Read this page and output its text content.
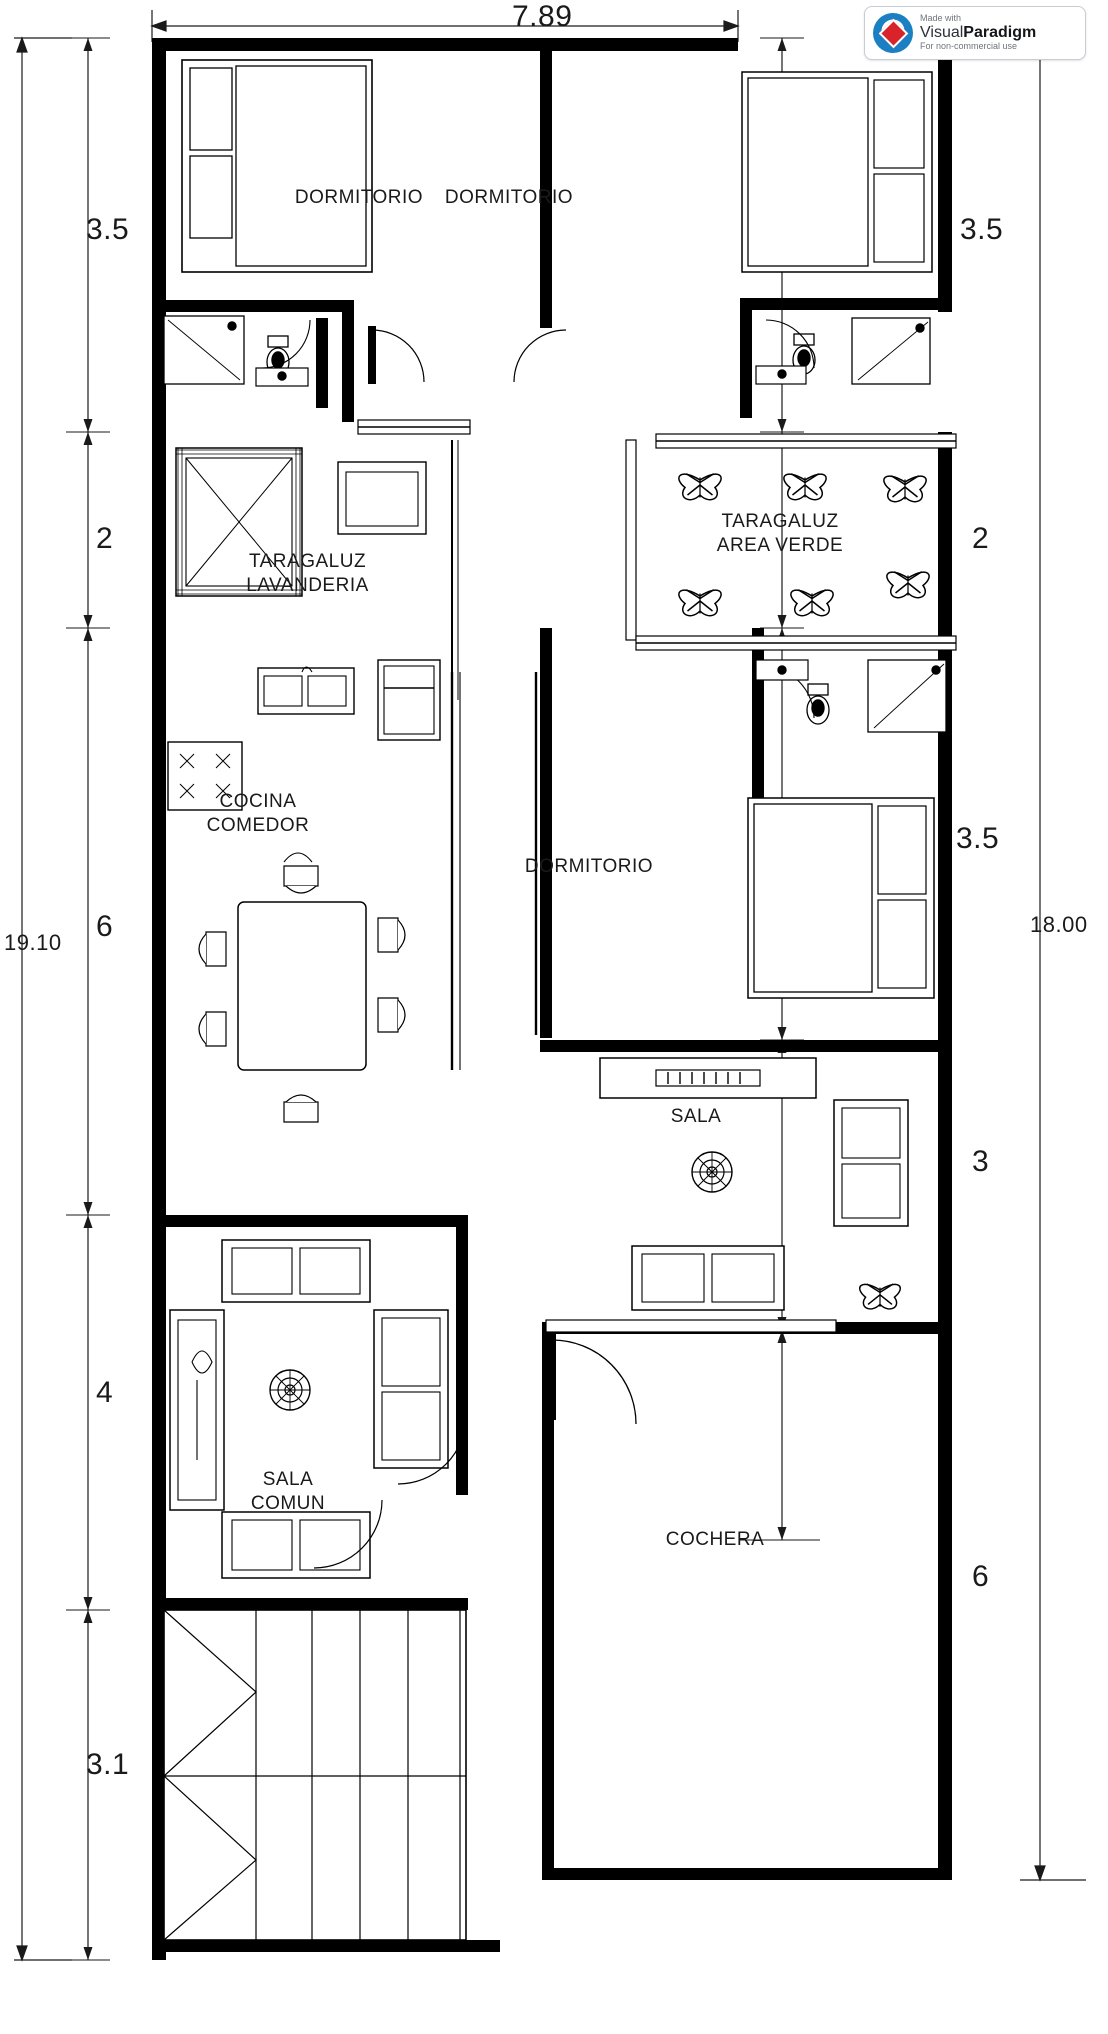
DORMITORIO DORMITORIO
TARAGALUZ
LAVANDERIA
TARAGALUZ
AREA VERDE
COCINA
COMEDOR
DORMITORIO
SALA
SALA
COMUN
COCHERA
7.89
19.10
3.5
2
6
4
3.1
3.5
2
3.5
3
6
18.00
Made with
VisualParadigm
For non-commercial use
